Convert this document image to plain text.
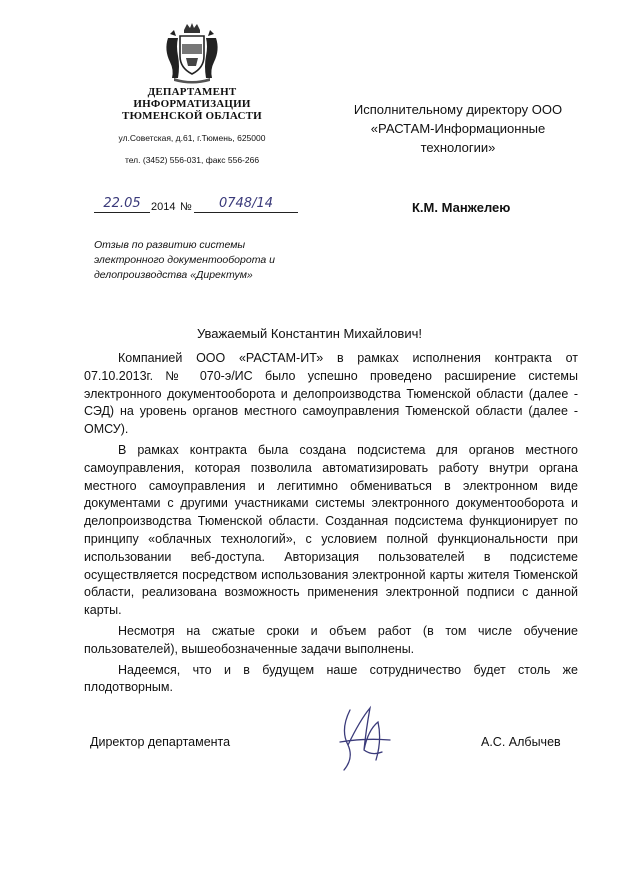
ДЕПАРТАМЕНТ
ИНФОРМАТИЗАЦИИ
ТЮМЕНСКОЙ ОБЛАСТИ
ул.Советская, д.61, г.Тюмень, 625000
тел. (3452) 556-031, факс 556-266
Исполнительному директору ООО
«РАСТАМ-Информационные
технологии»
К.М. Манжелею
22.05 2014 №	0748/14
Отзыв по развитию системы
электронного документооборота и
делопроизводства «Директум»
Уважаемый Константин Михайлович!

Компанией ООО «РАСТАМ-ИТ» в рамках исполнения контракта от 07.10.2013г. № 070-э/ИС было успешно проведено расширение системы электронного документооборота и делопроизводства Тюменской области (далее - СЭД) на уровень органов местного самоуправления Тюменской области (далее - ОМСУ).

В рамках контракта была создана подсистема для органов местного самоуправления, которая позволила автоматизировать работу внутри органа местного самоуправления и легитимно обмениваться в электронном виде документами с другими участниками системы электронного документооборота и делопроизводства Тюменской области. Созданная подсистема функционирует по принципу «облачных технологий», с условием полной функциональности при использовании веб-доступа. Авторизация пользователей в подсистеме осуществляется посредством использования электронной карты жителя Тюменской области, реализована возможность применения электронной подписи с данной карты.

Несмотря на сжатые сроки и объем работ (в том числе обучение пользователей), вышеобозначенные задачи выполнены.

Надеемся, что и в будущем наше сотрудничество будет столь же плодотворным.

Директор департамента	А.С. Албычев
